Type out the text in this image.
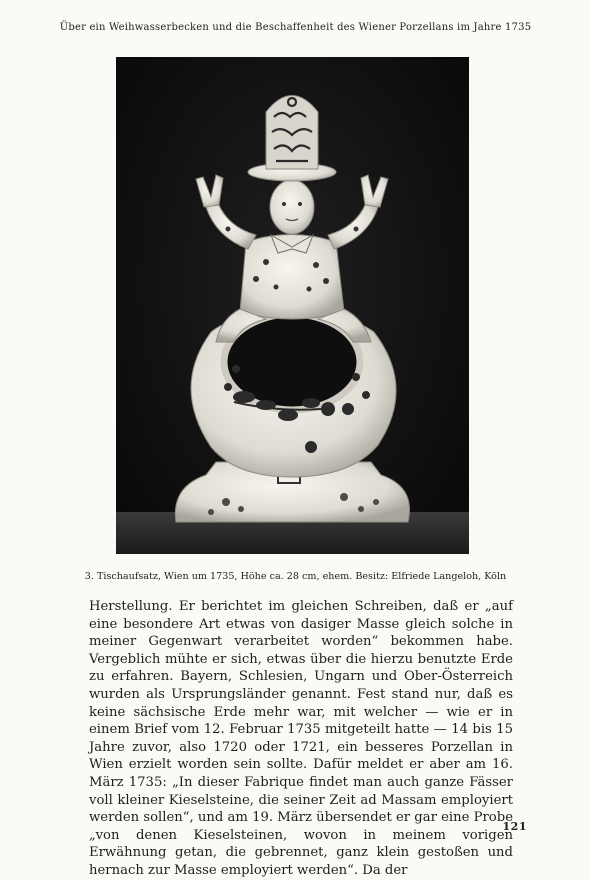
Über ein Weihwasserbecken und die Beschaffenheit des Wiener Porzellans im Jahre 1735
3. Tischaufsatz, Wien um 1735, Höhe ca. 28 cm, ehem. Besitz: Elfriede Langeloh, Köln

Herstellung. Er berichtet im gleichen Schreiben, daß er „auf eine besondere Art etwas von dasiger Masse gleich solche in meiner Gegenwart verarbeitet worden“ bekommen habe. Vergeblich mühte er sich, etwas über die hierzu benutzte Erde zu erfahren. Bayern, Schlesien, Ungarn und Ober-Österreich wurden als Ursprungsländer genannt. Fest stand nur, daß es keine sächsische Erde mehr war, mit welcher — wie er in einem Brief vom 12. Februar 1735 mitgeteilt hatte — 14 bis 15 Jahre zuvor, also 1720 oder 1721, ein besseres Porzellan in Wien erzielt worden sein sollte. Dafür meldet er aber am 16. März 1735: „In dieser Fabrique findet man auch ganze Fässer voll kleiner Kieselsteine, die seiner Zeit ad Massam employiert werden sollen“, und am 19. März übersendet er gar eine Probe „von denen Kieselsteinen, wovon in meinem vorigen Erwähnung getan, die gebrennet, ganz klein gestoßen und hernach zur Masse employiert werden“. Da der

121
